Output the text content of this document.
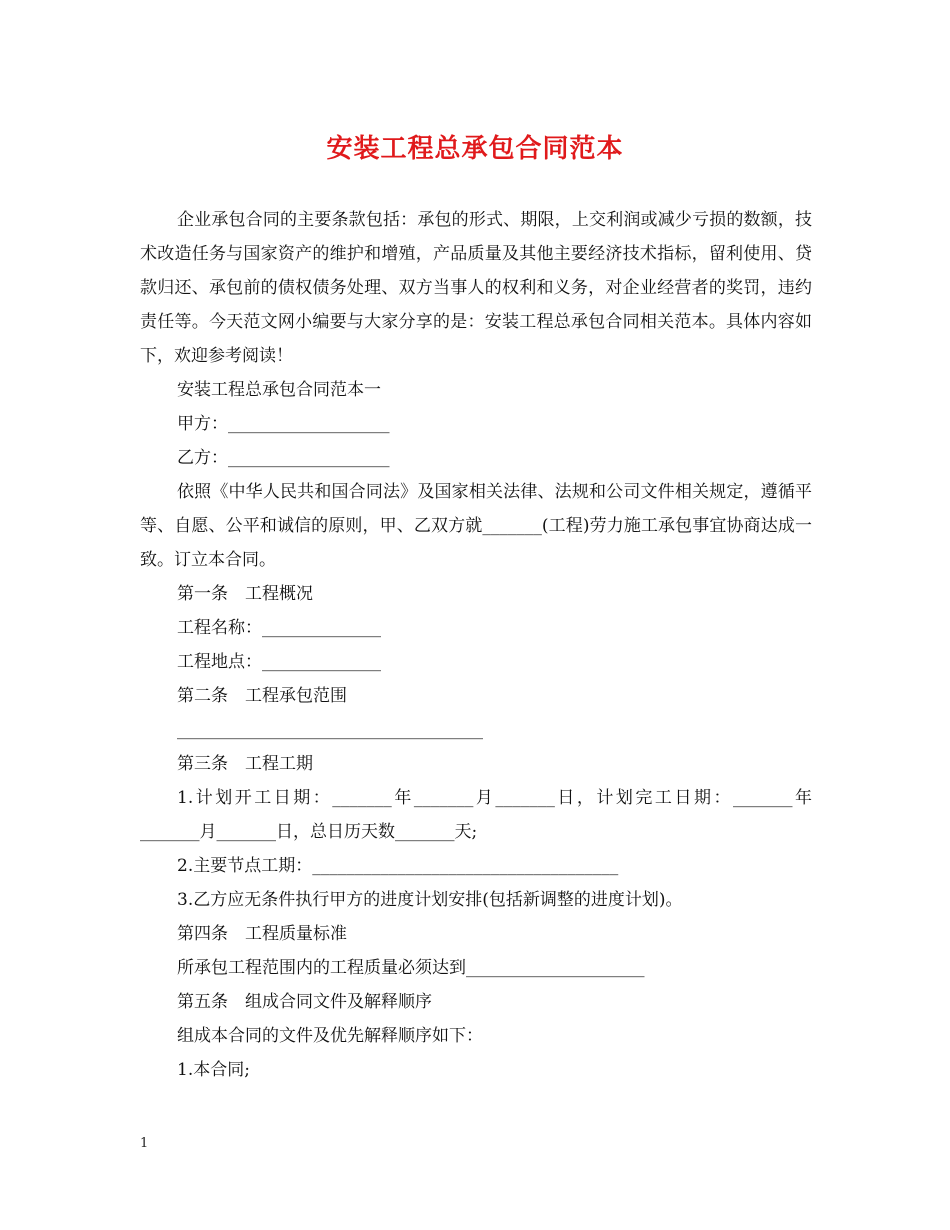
安装工程总承包合同范本

企业承包合同的主要条款包括：承包的形式、期限，上交利润或减少亏损的数额，技术改造任务与国家资产的维护和增殖，产品质量及其他主要经济技术指标，留利使用、贷款归还、承包前的债权债务处理、双方当事人的权利和义务，对企业经营者的奖罚，违约责任等。今天范文网小编要与大家分享的是：安装工程总承包合同相关范本。具体内容如下，欢迎参考阅读！

安装工程总承包合同范本一

甲方：___________________

乙方：___________________

依照《中华人民共和国合同法》及国家相关法律、法规和公司文件相关规定，遵循平等、自愿、公平和诚信的原则，甲、乙双方就_______(工程)劳力施工承包事宜协商达成一致。订立本合同。

第一条　工程概况

工程名称：______________

工程地点：______________

第二条　工程承包范围

____________________________________

第三条　工程工期

1.计划开工日期：_______年_______月_______日，计划完工日期：_______年_______月_______日，总日历天数_______天;

2.主要节点工期：____________________________________

3.乙方应无条件执行甲方的进度计划安排(包括新调整的进度计划)。

第四条　工程质量标准

所承包工程范围内的工程质量必须达到_____________________

第五条　组成合同文件及解释顺序

组成本合同的文件及优先解释顺序如下：

1.本合同;

1
